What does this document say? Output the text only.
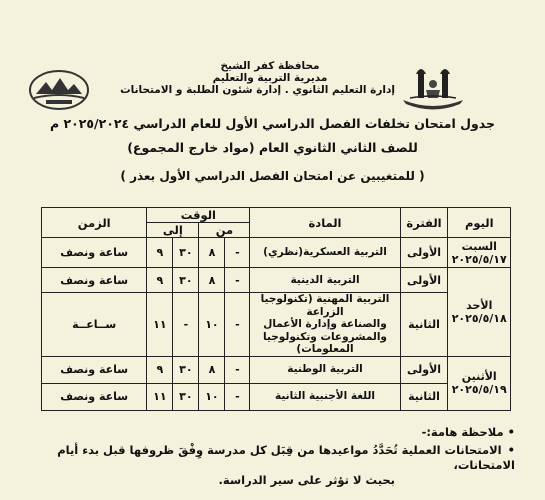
محافظة كفر الشيخ
مديرية التربية والتعليم
إدارة التعليم الثانوي . إدارة شئون الطلبة و الامتحانات
جدول امتحان تخلفات الفصل الدراسي الأول للعام الدراسي ٢٠٢٥/٢٠٢٤ م
للصف الثاني الثانوي العام (مواد خارج المجموع)
( للمتغيبين عن امتحان الفصل الدراسي الأول بعذر )
اليوم	الفترة	المادة	الوقت				الزمن
			من		إلى		

السبت
٢٠٢٥/٥/١٧	الأولى	التربية العسكرية(نظري)	-	٨	٣٠	٩	ساعة ونصف

الأحد
٢٠٢٥/٥/١٨	الأولى	التربية الدينية	-	٨	٣٠	٩	ساعة ونصف
	الثانية	التربية المهنية (تكنولوجيا الزراعة
والصناعة وإدارة الأعمال
والمشروعات وتكنولوجيا المعلومات)	-	١٠	-	١١	ســاعــة

الأثنين
٢٠٢٥/٥/١٩	الأولى	التربية الوطنية	-	٨	٣٠	٩	ساعة ونصف
	الثانية	اللغة الأجنبية الثانية	-	١٠	٣٠	١١	ساعة ونصف
• ملاحظة هامة:-
•الامتحانات العملية تُحَدَّدُ مواعيدها من قِبَل كل مدرسة وِفْقَ ظروفها قبل بدء أيام الامتحانات،
بحيث لا تؤثر على سير الدراسة.
